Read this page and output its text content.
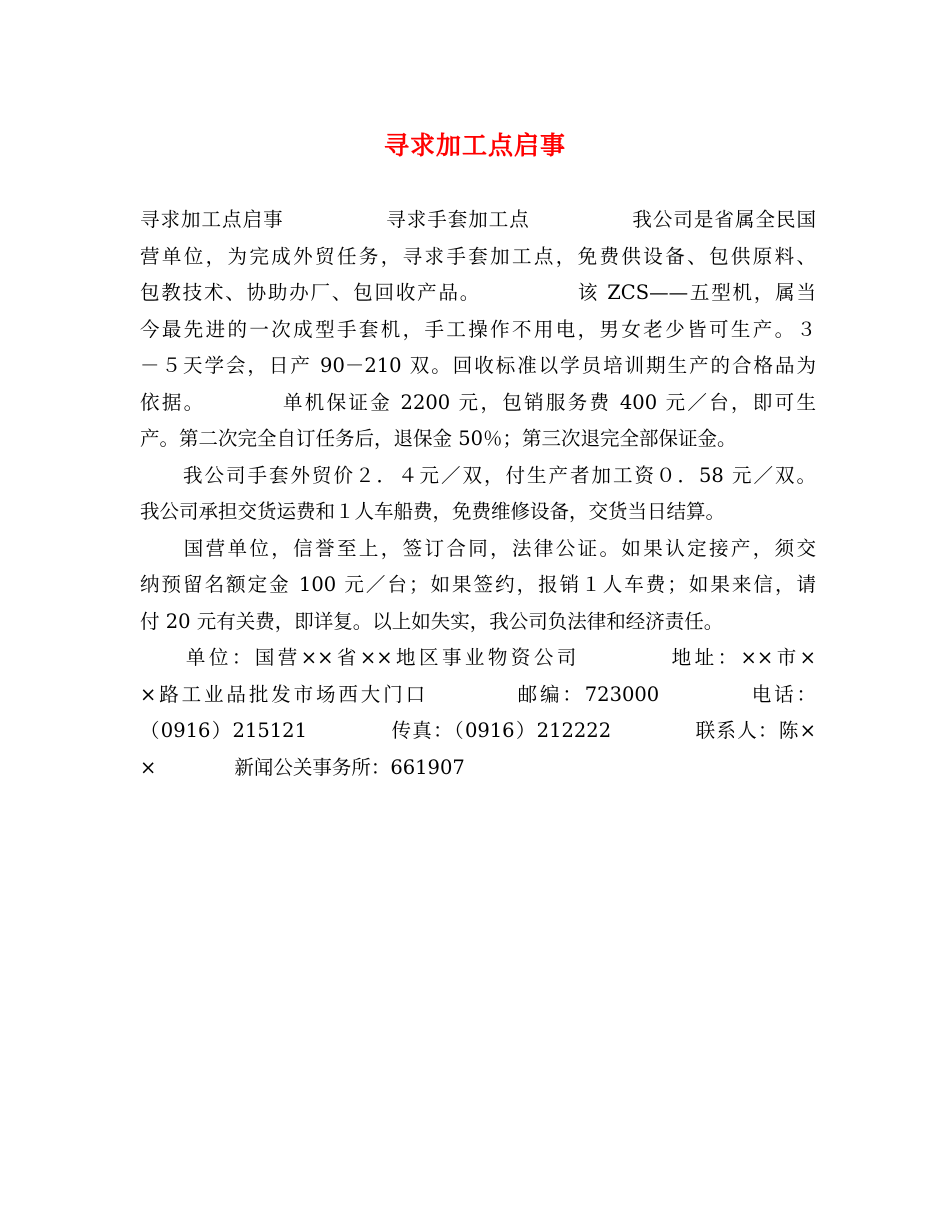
寻求加工点启事
寻求加工点启事　　　　　寻求手套加工点　　　　　我公司是省属全民国
营单位，为完成外贸任务，寻求手套加工点，免费供设备、包供原料、
包教技术、协助办厂、包回收产品。　　　　　该 ZCS——五型机，属当
今最先进的一次成型手套机，手工操作不用电，男女老少皆可生产。３
－５天学会，日产 90－210 双。回收标准以学员培训期生产的合格品为
依据。　　　　单机保证金 2200 元，包销服务费 400 元／台，即可生
产。第二次完全自订任务后，退保金 50％；第三次退完全部保证金。
　　我公司手套外贸价２．４元／双，付生产者加工资０．58 元／双。
我公司承担交货运费和１人车船费，免费维修设备，交货当日结算。
　　国营单位，信誉至上，签订合同，法律公证。如果认定接产，须交
纳预留名额定金 100 元／台；如果签约，报销１人车费；如果来信，请
付 20 元有关费，即详复。以上如失实，我公司负法律和经济责任。
　　单位：国营××省××地区事业物资公司　　　　地址：××市×
×路工业品批发市场西大门口　　　　邮编：723000　　　　电话：
（0916）215121　　　　传真：（0916）212222　　　　联系人：陈×
×　　　　新闻公关事务所：661907
